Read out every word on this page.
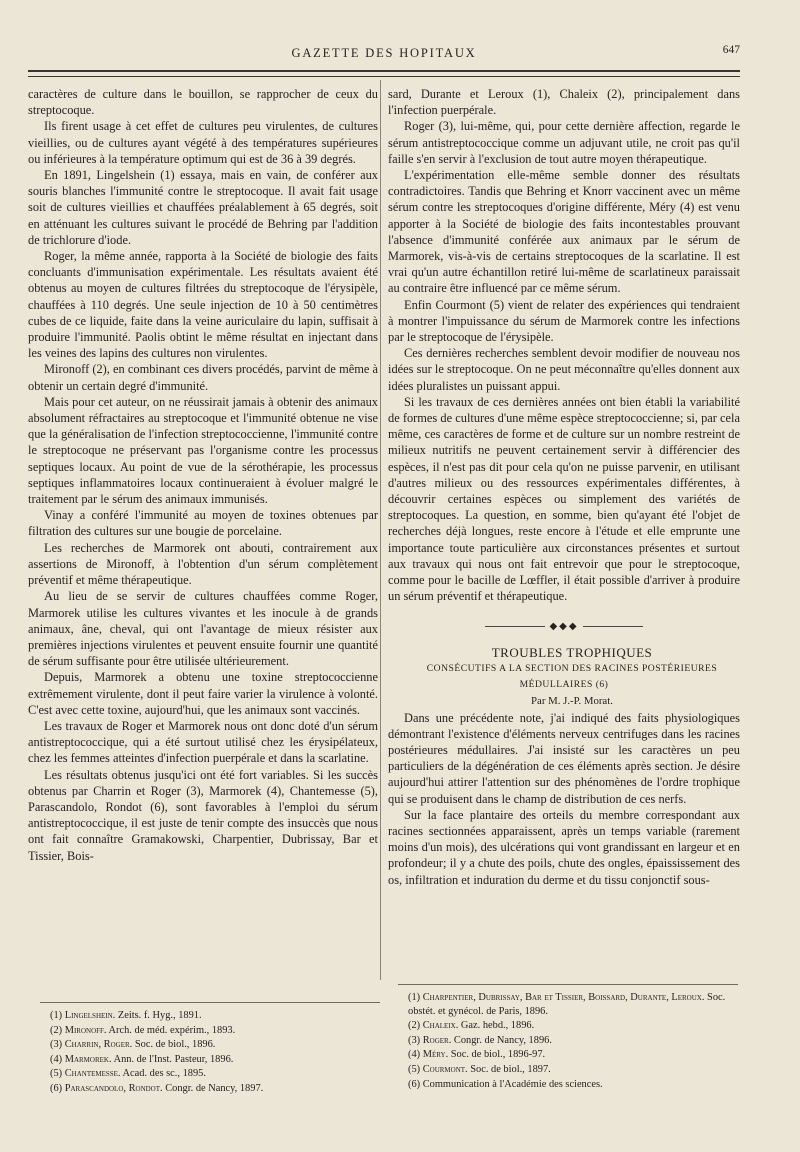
GAZETTE DES HOPITAUX	647

caractères de culture dans le bouillon, se rapprocher de ceux du streptocoque.

Ils firent usage à cet effet de cultures peu virulentes, de cultures vieillies, ou de cultures ayant végété à des températures supérieures ou inférieures à la température optimum qui est de 36 à 39 degrés.

En 1891, Lingelshein (1) essaya, mais en vain, de conférer aux souris blanches l'immunité contre le streptocoque. Il avait fait usage soit de cultures vieillies et chauffées préalablement à 65 degrés, soit en atténuant les cultures suivant le procédé de Behring par l'addition de trichlorure d'iode.

Roger, la même année, rapporta à la Société de biologie des faits concluants d'immunisation expérimentale. Les résultats avaient été obtenus au moyen de cultures filtrées du streptocoque de l'érysipèle, chauffées à 110 degrés. Une seule injection de 10 à 50 centimètres cubes de ce liquide, faite dans la veine auriculaire du lapin, suffisait à produire l'immunité. Paolis obtint le même résultat en injectant dans les veines des lapins des cultures non virulentes.

Mironoff (2), en combinant ces divers procédés, parvint de même à obtenir un certain degré d'immunité.

Mais pour cet auteur, on ne réussirait jamais à obtenir des animaux absolument réfractaires au streptocoque et l'immunité obtenue ne vise que la généralisation de l'infection streptococcienne, l'immunité contre le streptocoque ne préservant pas l'organisme contre les processus septiques locaux. Au point de vue de la sérothérapie, les processus septiques inflammatoires locaux continueraient à évoluer malgré le traitement par le sérum des animaux immunisés.

Vinay a conféré l'immunité au moyen de toxines obtenues par filtration des cultures sur une bougie de porcelaine.

Les recherches de Marmorek ont abouti, contrairement aux assertions de Mironoff, à l'obtention d'un sérum complètement préventif et même thérapeutique.

Au lieu de se servir de cultures chauffées comme Roger, Marmorek utilise les cultures vivantes et les inocule à de grands animaux, âne, cheval, qui ont l'avantage de mieux résister aux premières injections virulentes et peuvent ensuite fournir une quantité de sérum suffisante pour être utilisée ultérieurement.

Depuis, Marmorek a obtenu une toxine streptococcienne extrêmement virulente, dont il peut faire varier la virulence à volonté. C'est avec cette toxine, aujourd'hui, que les animaux sont vaccinés.

Les travaux de Roger et Marmorek nous ont donc doté d'un sérum antistreptococcique, qui a été surtout utilisé chez les érysipélateux, chez les femmes atteintes d'infection puerpérale et dans la scarlatine.

Les résultats obtenus jusqu'ici ont été fort variables. Si les succès obtenus par Charrin et Roger (3), Marmorek (4), Chantemesse (5), Parascandolo, Rondot (6), sont favorables à l'emploi du sérum antistreptococcique, il est juste de tenir compte des insuccès que nous ont fait connaître Gramakowski, Charpentier, Dubrissay, Bar et Tissier, Bois-

sard, Durante et Leroux (1), Chaleix (2), principalement dans l'infection puerpérale.

Roger (3), lui-même, qui, pour cette dernière affection, regarde le sérum antistreptococcique comme un adjuvant utile, ne croit pas qu'il faille s'en servir à l'exclusion de tout autre moyen thérapeutique.

L'expérimentation elle-même semble donner des résultats contradictoires. Tandis que Behring et Knorr vaccinent avec un même sérum contre les streptocoques d'origine différente, Méry (4) est venu apporter à la Société de biologie des faits incontestables prouvant l'absence d'immunité conférée aux animaux par le sérum de Marmorek, vis-à-vis de certains streptocoques de la scarlatine. Il est vrai qu'un autre échantillon retiré lui-même de scarlatineux paraissait au contraire être influencé par ce même sérum.

Enfin Courmont (5) vient de relater des expériences qui tendraient à montrer l'impuissance du sérum de Marmorek contre les infections par le streptocoque de l'érysipèle.

Ces dernières recherches semblent devoir modifier de nouveau nos idées sur le streptocoque. On ne peut méconnaître qu'elles donnent aux idées pluralistes un puissant appui.

Si les travaux de ces dernières années ont bien établi la variabilité de formes de cultures d'une même espèce streptococcienne; si, par cela même, ces caractères de forme et de culture sur un nombre restreint de milieux nutritifs ne peuvent certainement servir à différencier des espèces, il n'est pas dit pour cela qu'on ne puisse parvenir, en utilisant d'autres milieux ou des ressources expérimentales différentes, à découvrir certaines espèces ou simplement des variétés de streptocoques. La question, en somme, bien qu'ayant été l'objet de recherches déjà longues, reste encore à l'étude et elle emprunte une importance toute particulière aux circonstances présentes et surtout aux travaux qui nous ont fait entrevoir que pour le streptocoque, comme pour le bacille de Lœffler, il était possible d'arriver à produire un sérum préventif et thérapeutique.

◆◆◆

TROUBLES TROPHIQUES

CONSÉCUTIFS A LA SECTION DES RACINES POSTÉRIEURES MÉDULLAIRES (6)

Par M. J.-P. Morat.

Dans une précédente note, j'ai indiqué des faits physiologiques démontrant l'existence d'éléments nerveux centrifuges dans les racines postérieures médullaires. J'ai insisté sur les caractères un peu particuliers de la dégénération de ces éléments après section. Je désire aujourd'hui attirer l'attention sur des phénomènes de l'ordre trophique qui se produisent dans le champ de distribution de ces nerfs.

Sur la face plantaire des orteils du membre correspondant aux racines sectionnées apparaissent, après un temps variable (rarement moins d'un mois), des ulcérations qui vont grandissant en largeur et en profondeur; il y a chute des poils, chute des ongles, épaississement des os, infiltration et induration du derme et du tissu conjonctif sous-

(1) Lingelshein. Zeits. f. Hyg., 1891.
(2) Mironoff. Arch. de méd. expérim., 1893.
(3) Charrin, Roger. Soc. de biol., 1896.
(4) Marmorek. Ann. de l'Inst. Pasteur, 1896.
(5) Chantemesse. Acad. des sc., 1895.
(6) Parascandolo, Rondot. Congr. de Nancy, 1897.
(1) Charpentier, Dubrissay, Bar et Tissier, Boissard, Durante, Leroux. Soc. obstét. et gynécol. de Paris, 1896.
(2) Chaleix. Gaz. hebd., 1896.
(3) Roger. Congr. de Nancy, 1896.
(4) Méry. Soc. de biol., 1896-97.
(5) Courmont. Soc. de biol., 1897.
(6) Communication à l'Académie des sciences.
